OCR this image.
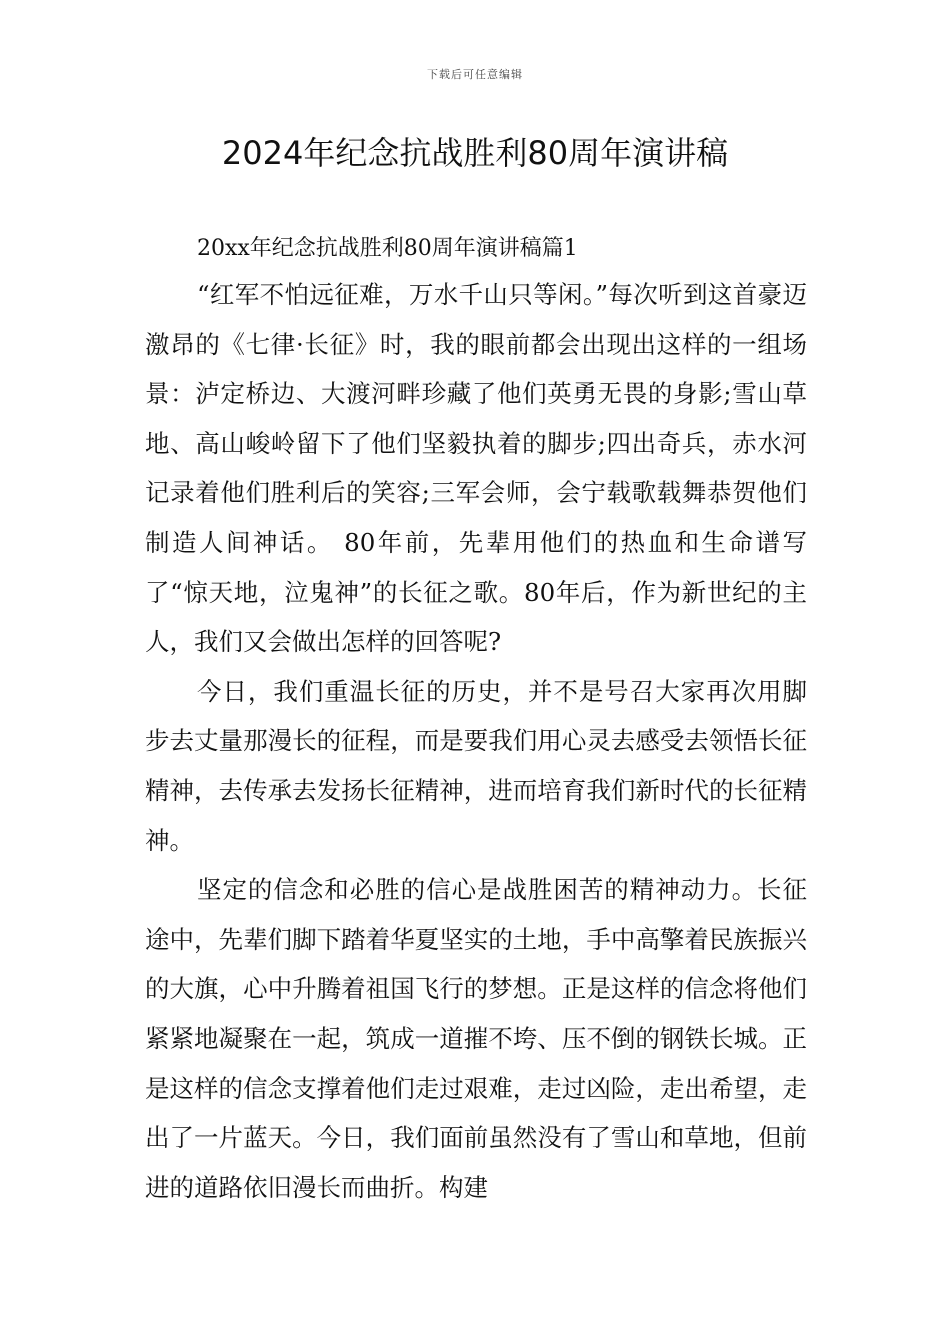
下载后可任意编辑
2024年纪念抗战胜利80周年演讲稿

20xx年纪念抗战胜利80周年演讲稿篇1

“红军不怕远征难，万水千山只等闲。”每次听到这首豪迈激昂的《七律·长征》时，我的眼前都会出现出这样的一组场景：泸定桥边、大渡河畔珍藏了他们英勇无畏的身影;雪山草地、高山峻岭留下了他们坚毅执着的脚步;四出奇兵，赤水河记录着他们胜利后的笑容;三军会师，会宁载歌载舞恭贺他们制造人间神话。 80年前，先辈用他们的热血和生命谱写了“惊天地，泣鬼神”的长征之歌。80年后，作为新世纪的主人，我们又会做出怎样的回答呢?

今日，我们重温长征的历史，并不是号召大家再次用脚步去丈量那漫长的征程，而是要我们用心灵去感受去领悟长征精神，去传承去发扬长征精神，进而培育我们新时代的长征精神。

坚定的信念和必胜的信心是战胜困苦的精神动力。长征途中，先辈们脚下踏着华夏坚实的土地，手中高擎着民族振兴的大旗，心中升腾着祖国飞行的梦想。正是这样的信念将他们紧紧地凝聚在一起，筑成一道摧不垮、压不倒的钢铁长城。正是这样的信念支撑着他们走过艰难，走过凶险，走出希望，走出了一片蓝天。今日，我们面前虽然没有了雪山和草地，但前进的道路依旧漫长而曲折。构建
